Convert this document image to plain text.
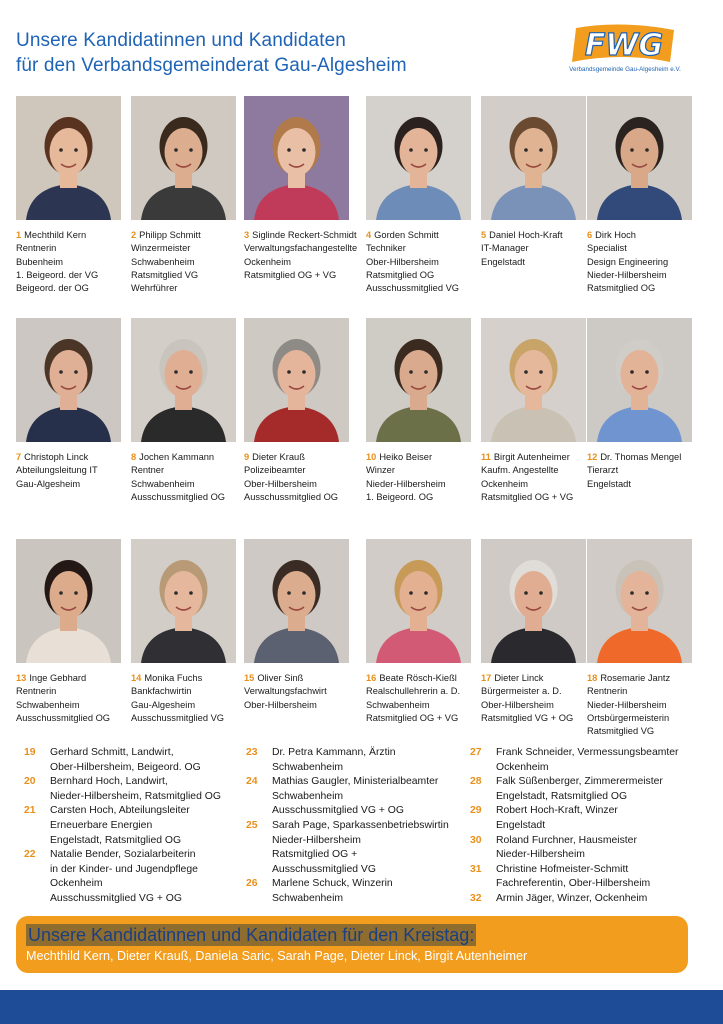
Unsere Kandidatinnen und Kandidaten
für den Verbandsgemeinderat Gau-Algesheim
FWG
Verbandsgemeinde Gau-Algesheim e.V.
1 Mechthild Kern
Rentnerin
Bubenheim
1. Beigeord. der VG
Beigeord. der OG
2 Philipp Schmitt
Winzermeister
Schwabenheim
Ratsmitglied VG
Wehrführer
3 Siglinde Reckert-Schmidt
Verwaltungsfachangestellte
Ockenheim
Ratsmitglied OG + VG
4 Gorden Schmitt
Techniker
Ober-Hilbersheim
Ratsmitglied OG
Ausschussmitglied VG
5 Daniel Hoch-Kraft
IT-Manager
Engelstadt
6 Dirk Hoch
Specialist
Design Engineering
Nieder-Hilbersheim
Ratsmitglied OG
7 Christoph Linck
Abteilungsleitung IT
Gau-Algesheim
8 Jochen Kammann
Rentner
Schwabenheim
Ausschussmitglied OG
9 Dieter Krauß
Polizeibeamter
Ober-Hilbersheim
Ausschussmitglied OG
10 Heiko Beiser
Winzer
Nieder-Hilbersheim
1. Beigeord. OG
11 Birgit Autenheimer
Kaufm. Angestellte
Ockenheim
Ratsmitglied OG + VG
12 Dr. Thomas Mengel
Tierarzt
Engelstadt
13 Inge Gebhard
Rentnerin
Schwabenheim
Ausschussmitglied OG
14 Monika Fuchs
Bankfachwirtin
Gau-Algesheim
Ausschussmitglied VG
15 Oliver Sinß
Verwaltungsfachwirt
Ober-Hilbersheim
16 Beate Rösch-Kießl
Realschullehrerin a. D.
Schwabenheim
Ratsmitglied OG + VG
17 Dieter Linck
Bürgermeister a. D.
Ober-Hilbersheim
Ratsmitglied VG + OG
18 Rosemarie Jantz
Rentnerin
Nieder-Hilbersheim
Ortsbürgermeisterin
Ratsmitglied VG
19 Gerhard Schmitt, Landwirt,
Ober-Hilbersheim, Beigeord. OG
20 Bernhard Hoch, Landwirt,
Nieder-Hilbersheim, Ratsmitglied OG
21 Carsten Hoch, Abteilungsleiter
Erneuerbare Energien
Engelstadt, Ratsmitglied OG
22 Natalie Bender, Sozialarbeiterin
in der Kinder- und Jugendpflege
Ockenheim
Ausschussmitglied VG + OG
23 Dr. Petra Kammann, Ärztin
Schwabenheim
24 Mathias Gaugler, Ministerialbeamter
Schwabenheim
Ausschussmitglied VG + OG
25 Sarah Page, Sparkassenbetriebswirtin
Nieder-Hilbersheim
Ratsmitglied OG +
Ausschussmitglied VG
26 Marlene Schuck, Winzerin
Schwabenheim
27 Frank Schneider, Vermessungsbeamter
Ockenheim
28 Falk Süßenberger, Zimmerermeister
Engelstadt, Ratsmitglied OG
29 Robert Hoch-Kraft, Winzer
Engelstadt
30 Roland Furchner, Hausmeister
Nieder-Hilbersheim
31 Christine Hofmeister-Schmitt
Fachreferentin, Ober-Hilbersheim
32 Armin Jäger, Winzer, Ockenheim
Unsere Kandidatinnen und Kandidaten für den Kreistag:
Mechthild Kern, Dieter Krauß, Daniela Saric, Sarah Page, Dieter Linck, Birgit Autenheimer
